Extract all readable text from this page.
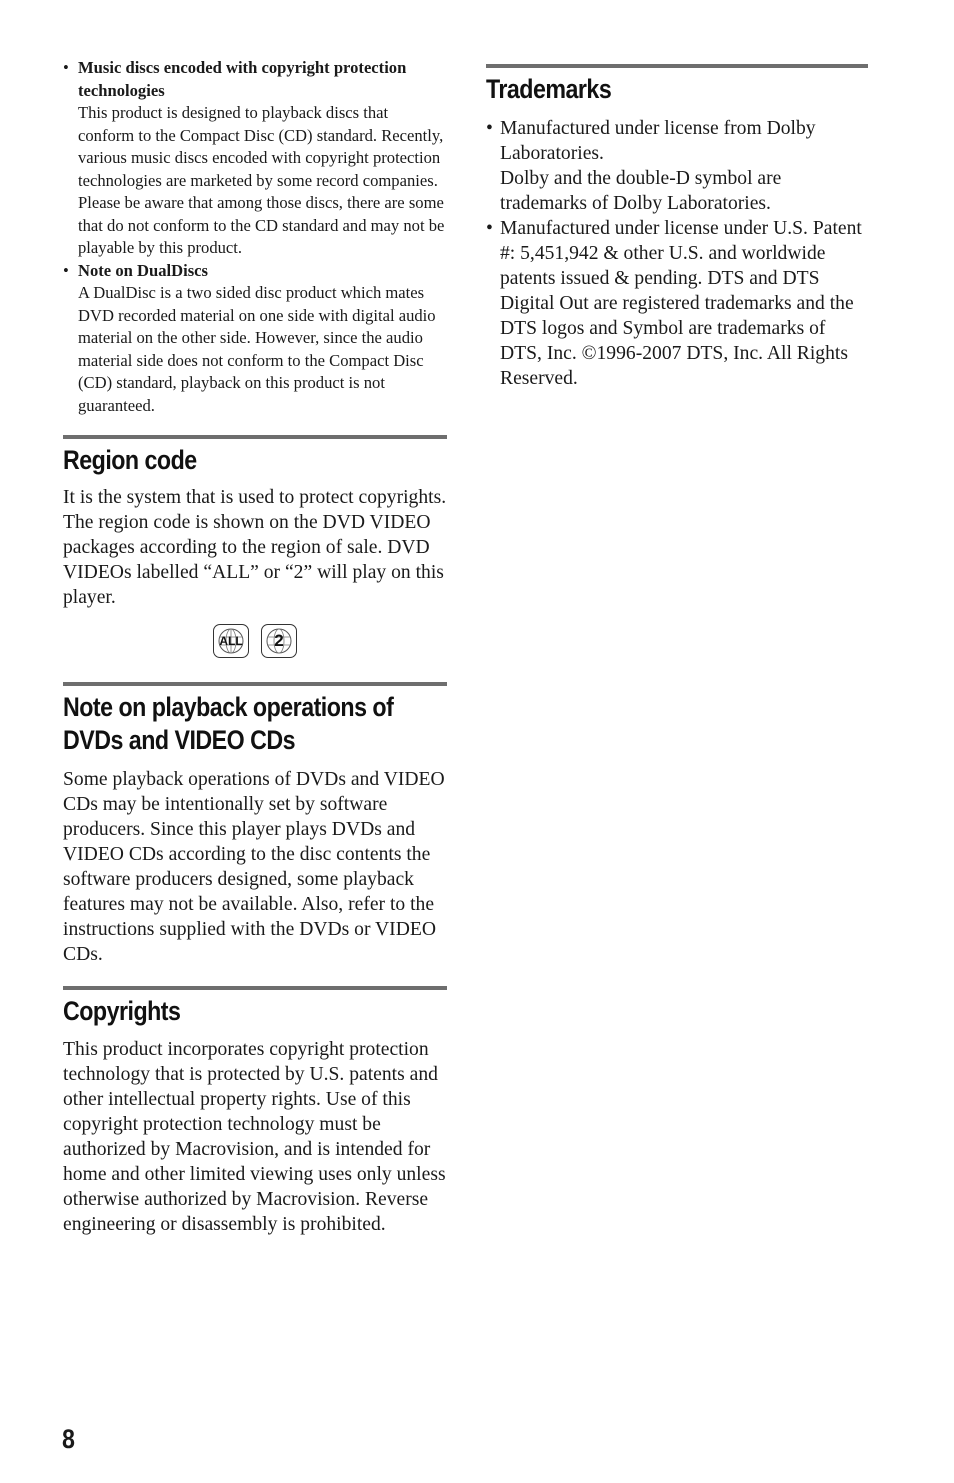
• Music discs encoded with copyright protection technologies
This product is designed to playback discs that conform to the Compact Disc (CD) standard. Recently, various music discs encoded with copyright protection technologies are marketed by some record companies. Please be aware that among those discs, there are some that do not conform to the CD standard and may not be playable by this product.
• Note on DualDiscs
A DualDisc is a two sided disc product which mates DVD recorded material on one side with digital audio material on the other side. However, since the audio material side does not conform to the Compact Disc (CD) standard, playback on this product is not guaranteed.
Region code

It is the system that is used to protect copyrights. The region code is shown on the DVD VIDEO packages according to the region of sale. DVD VIDEOs labelled “ALL” or “2” will play on this player.

ALL 2
Note on playback operations of DVDs and VIDEO CDs

Some playback operations of DVDs and VIDEO CDs may be intentionally set by software producers. Since this player plays DVDs and VIDEO CDs according to the disc contents the software producers designed, some playback features may not be available. Also, refer to the instructions supplied with the DVDs or VIDEO CDs.

Copyrights

This product incorporates copyright protection technology that is protected by U.S. patents and other intellectual property rights. Use of this copyright protection technology must be authorized by Macrovision, and is intended for home and other limited viewing uses only unless otherwise authorized by Macrovision. Reverse engineering or disassembly is prohibited.

Trademarks
• Manufactured under license from Dolby Laboratories.
Dolby and the double-D symbol are trademarks of Dolby Laboratories.
• Manufactured under license under U.S. Patent #: 5,451,942 & other U.S. and worldwide patents issued & pending. DTS and DTS Digital Out are registered trademarks and the DTS logos and Symbol are trademarks of DTS, Inc. ©1996-2007 DTS, Inc. All Rights Reserved.
8
